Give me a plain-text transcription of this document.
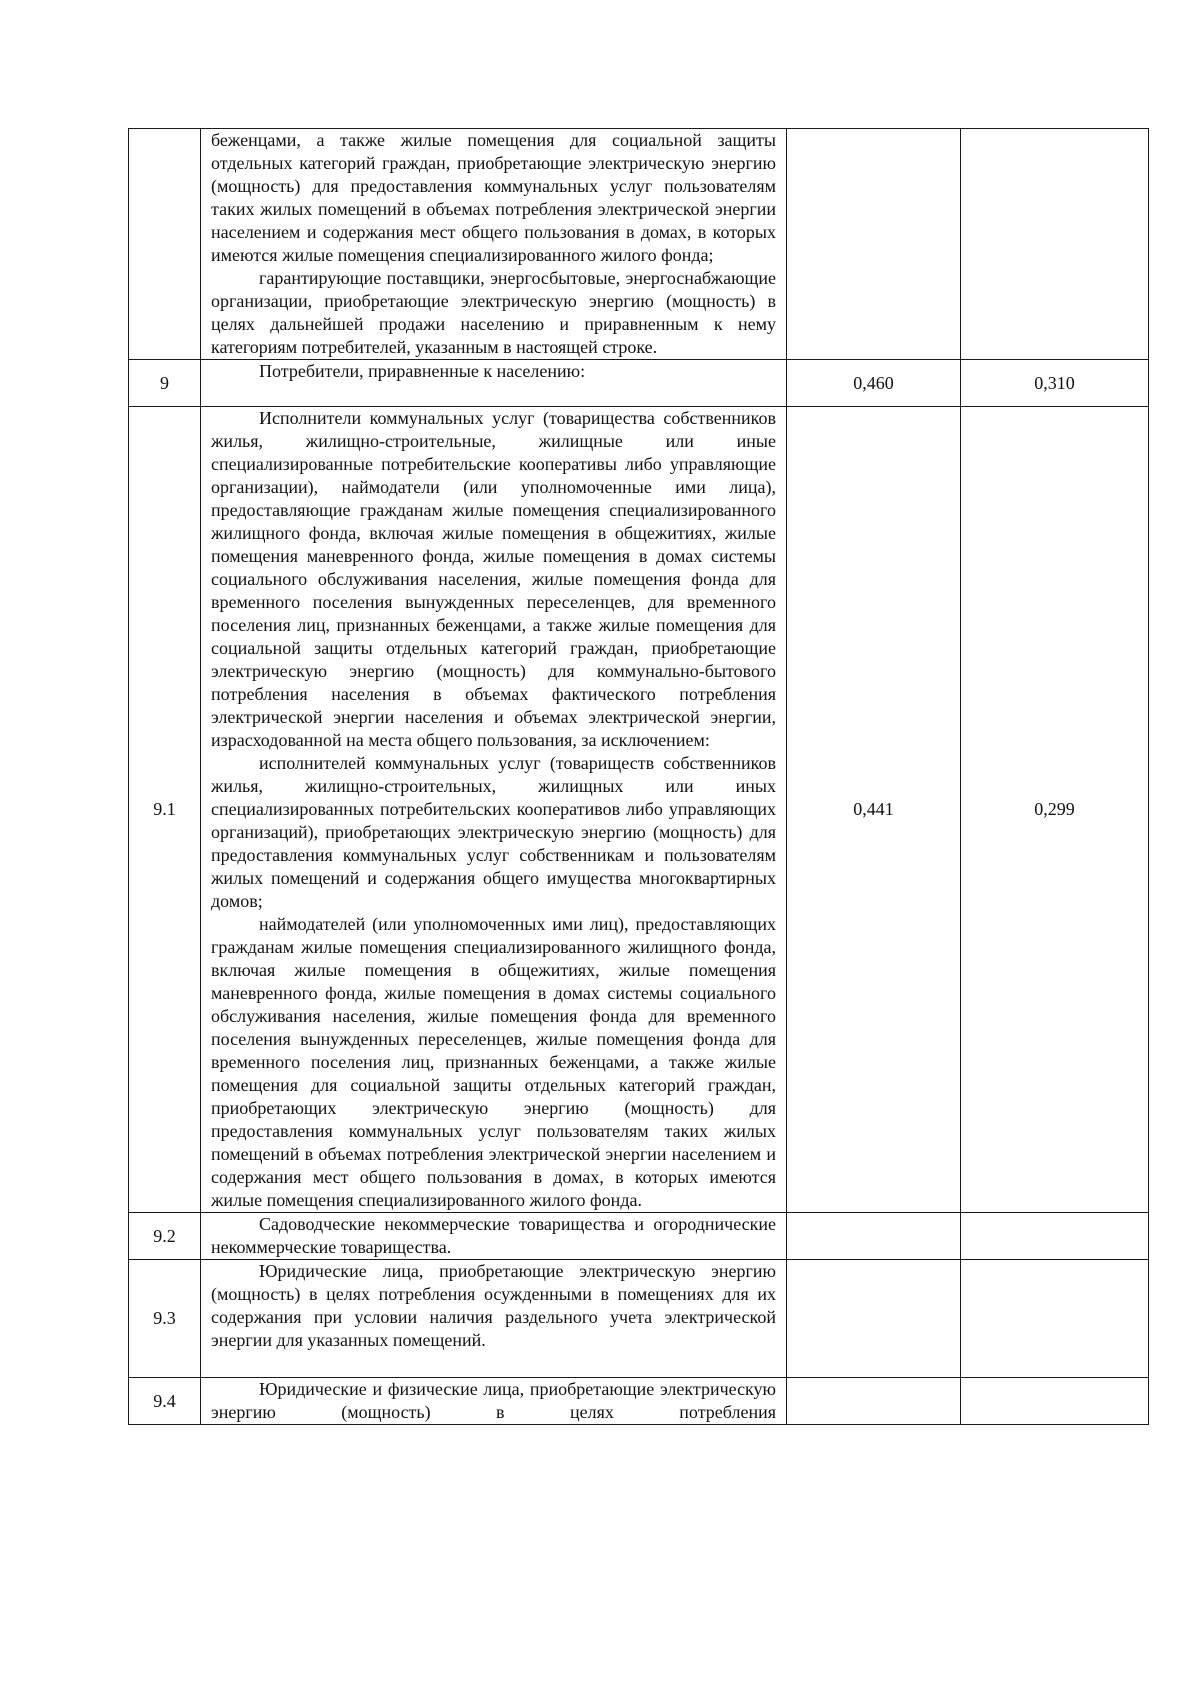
	беженцами, а также жилые помещения для социальной защиты отдельных категорий граждан, приобретающие электрическую энергию (мощность) для предоставления коммунальных услуг пользователям таких жилых помещений в объемах потребления электрической энергии населением и содержания мест общего пользования в домах, в которых имеются жилые помещения специализированного жилого фонда;

гарантирующие поставщики, энергосбытовые, энергоснабжающие организации, приобретающие электрическую энергию (мощность) в целях дальнейшей продажи населению и приравненным к нему категориям потребителей, указанным в настоящей строке.		

9	Потребители, приравненные к населению:	0,460	0,310
9.1	Исполнители коммунальных услуг (товарищества собственников жилья, жилищно-строительные, жилищные или иные специализированные потребительские кооперативы либо управляющие организации), наймодатели (или уполномоченные ими лица), предоставляющие гражданам жилые помещения специализированного жилищного фонда, включая жилые помещения в общежитиях, жилые помещения маневренного фонда, жилые помещения в домах системы социального обслуживания населения, жилые помещения фонда для временного поселения вынужденных переселенцев, для временного поселения лиц, признанных беженцами, а также жилые помещения для социальной защиты отдельных категорий граждан, приобретающие электрическую энергию (мощность) для коммунально-бытового потребления населения в объемах фактического потребления электрической энергии населения и объемах электрической энергии, израсходованной на места общего пользования, за исключением:

исполнителей коммунальных услуг (товариществ собственников жилья, жилищно-строительных, жилищных или иных специализированных потребительских кооперативов либо управляющих организаций), приобретающих электрическую энергию (мощность) для предоставления коммунальных услуг собственникам и пользователям жилых помещений и содержания общего имущества многоквартирных домов;

наймодателей (или уполномоченных ими лиц), предоставляющих гражданам жилые помещения специализированного жилищного фонда, включая жилые помещения в общежитиях, жилые помещения маневренного фонда, жилые помещения в домах системы социального обслуживания населения, жилые помещения фонда для временного поселения вынужденных переселенцев, жилые помещения фонда для временного поселения лиц, признанных беженцами, а также жилые помещения для социальной защиты отдельных категорий граждан, приобретающих электрическую энергию (мощность) для предоставления коммунальных услуг пользователям таких жилых помещений в объемах потребления электрической энергии населением и содержания мест общего пользования в домах, в которых имеются жилые помещения специализированного жилого фонда.	0,441	0,299
9.2	Садоводческие некоммерческие товарищества и огороднические некоммерческие товарищества.		

9.3	Юридические лица, приобретающие электрическую энергию (мощность) в целях потребления осужденными в помещениях для их содержания при условии наличия раздельного учета электрической энергии для указанных помещений.		

9.4	Юридические и физические лица, приобретающие электрическую энергию (мощность) в целях потребления		
